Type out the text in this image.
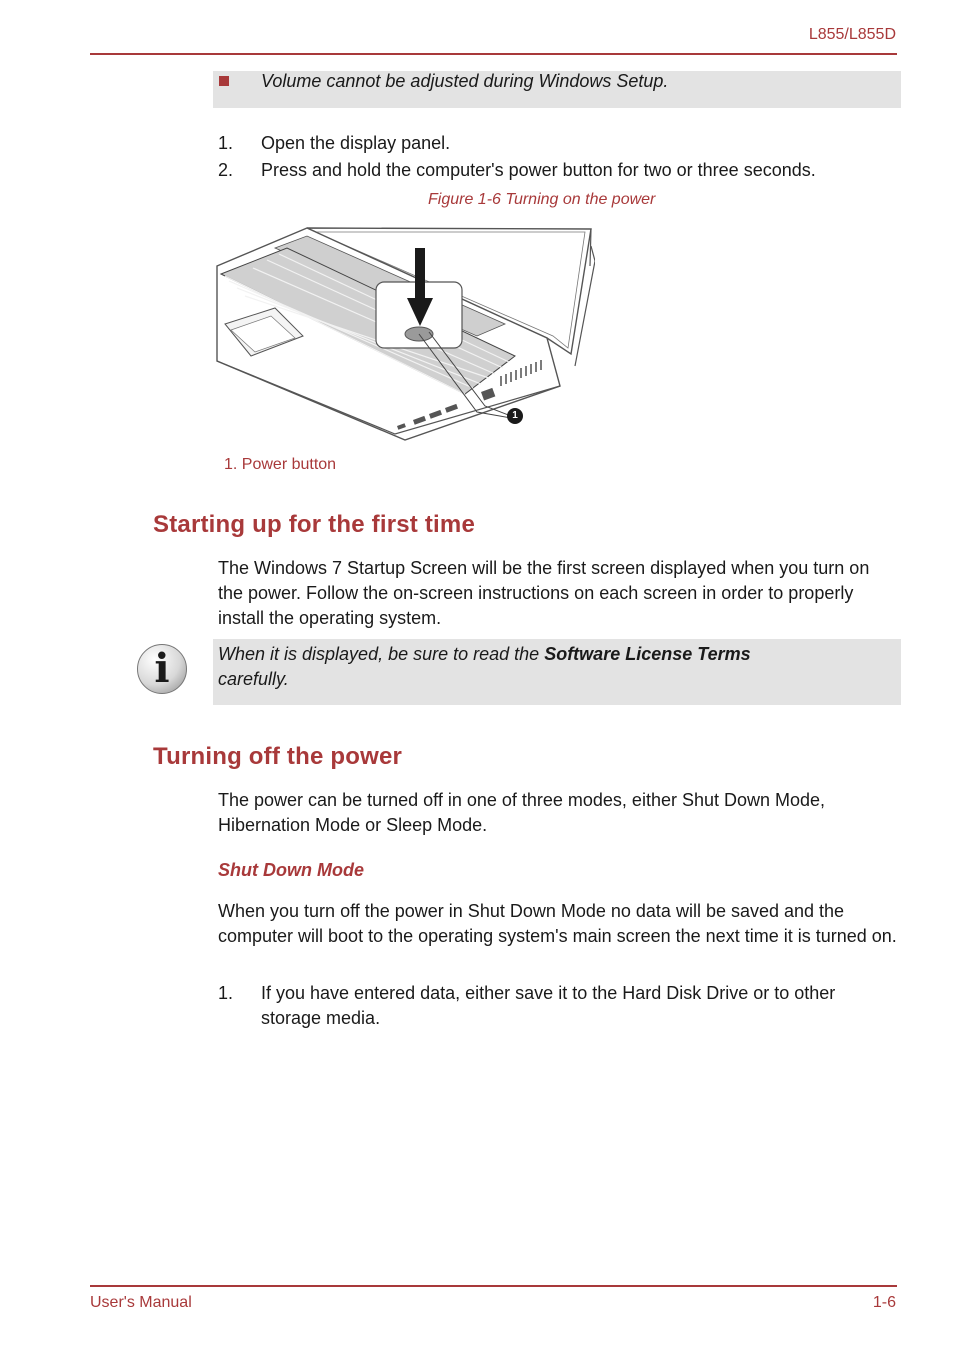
L855/L855D
Volume cannot be adjusted during Windows Setup.
1. Open the display panel.
2. Press and hold the computer's power button for two or three seconds.
Figure 1-6 Turning on the power
1
1. Power button
Starting up for the first time
The Windows 7 Startup Screen will be the first screen displayed when you turn on the power. Follow the on-screen instructions on each screen in order to properly install the operating system.
i	When it is displayed, be sure to read the Software License Terms
carefully.
Turning off the power
The power can be turned off in one of three modes, either Shut Down Mode, Hibernation Mode or Sleep Mode.
Shut Down Mode
When you turn off the power in Shut Down Mode no data will be saved and the computer will boot to the operating system's main screen the next time it is turned on.
1. If you have entered data, either save it to the Hard Disk Drive or to other storage media.
User's Manual	1-6
